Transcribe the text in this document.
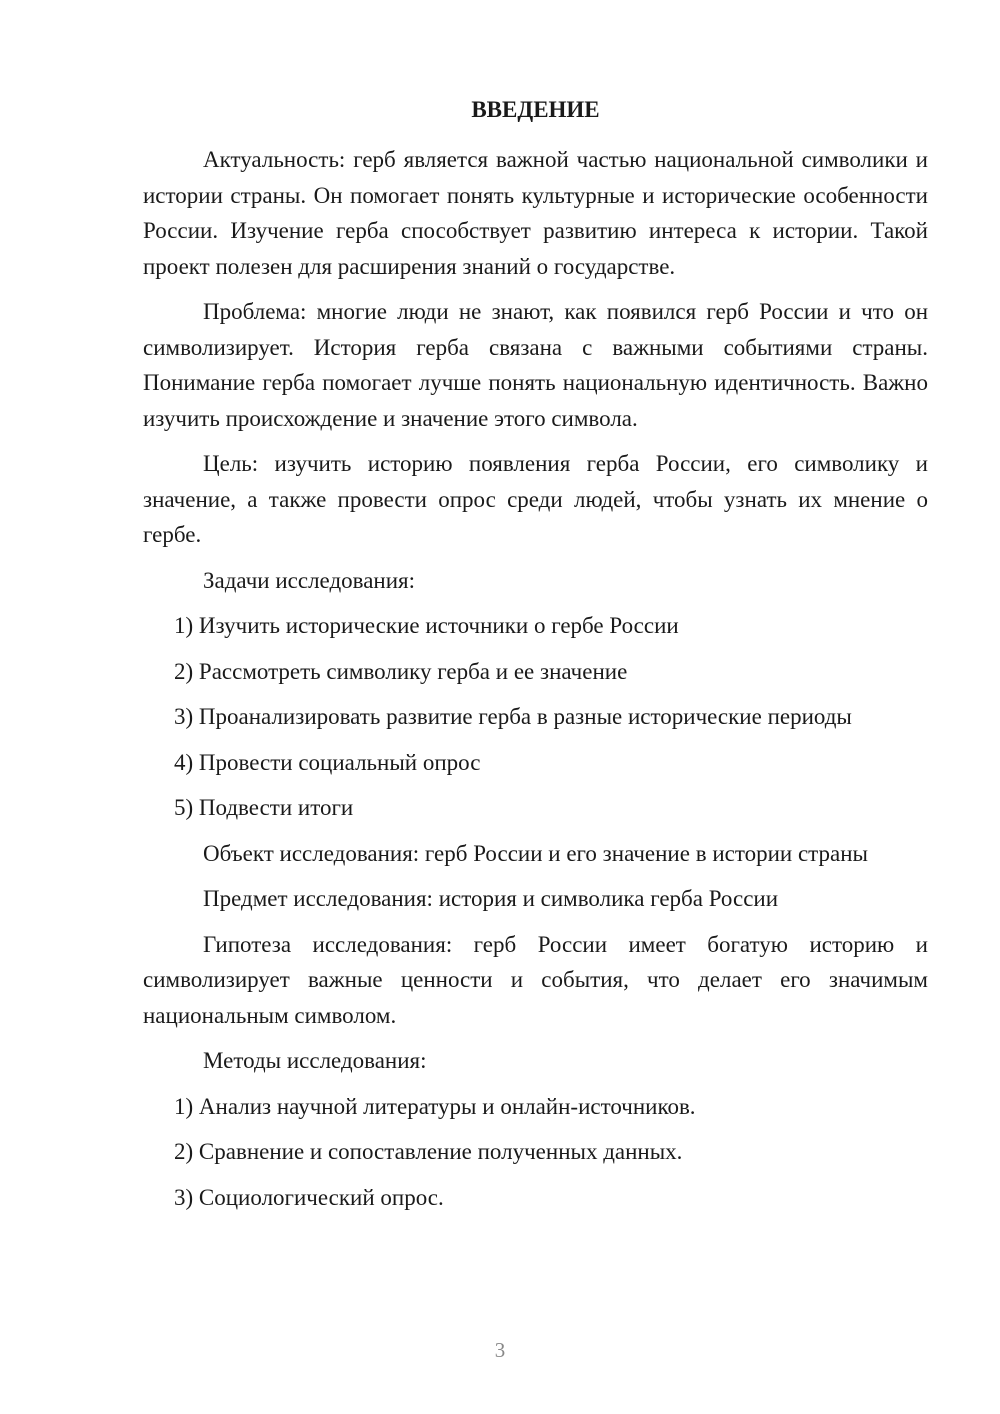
ВВЕДЕНИЕ

Актуальность: герб является важной частью национальной символики и истории страны. Он помогает понять культурные и исторические особенности России. Изучение герба способствует развитию интереса к истории. Такой проект полезен для расширения знаний о государстве.

Проблема: многие люди не знают, как появился герб России и что он символизирует. История герба связана с важными событиями страны. Понимание герба помогает лучше понять национальную идентичность. Важно изучить происхождение и значение этого символа.

Цель: изучить историю появления герба России, его символику и значение, а также провести опрос среди людей, чтобы узнать их мнение о гербе.

Задачи исследования:

1) Изучить исторические источники о гербе России

2) Рассмотреть символику герба и ее значение

3) Проанализировать развитие герба в разные исторические периоды

4) Провести социальный опрос

5) Подвести итоги

Объект исследования: герб России и его значение в истории страны

Предмет исследования: история и символика герба России

Гипотеза исследования: герб России имеет богатую историю и символизирует важные ценности и события, что делает его значимым национальным символом.

Методы исследования:

1) Анализ научной литературы и онлайн-источников.

2) Сравнение и сопоставление полученных данных.

3) Социологический опрос.

3
